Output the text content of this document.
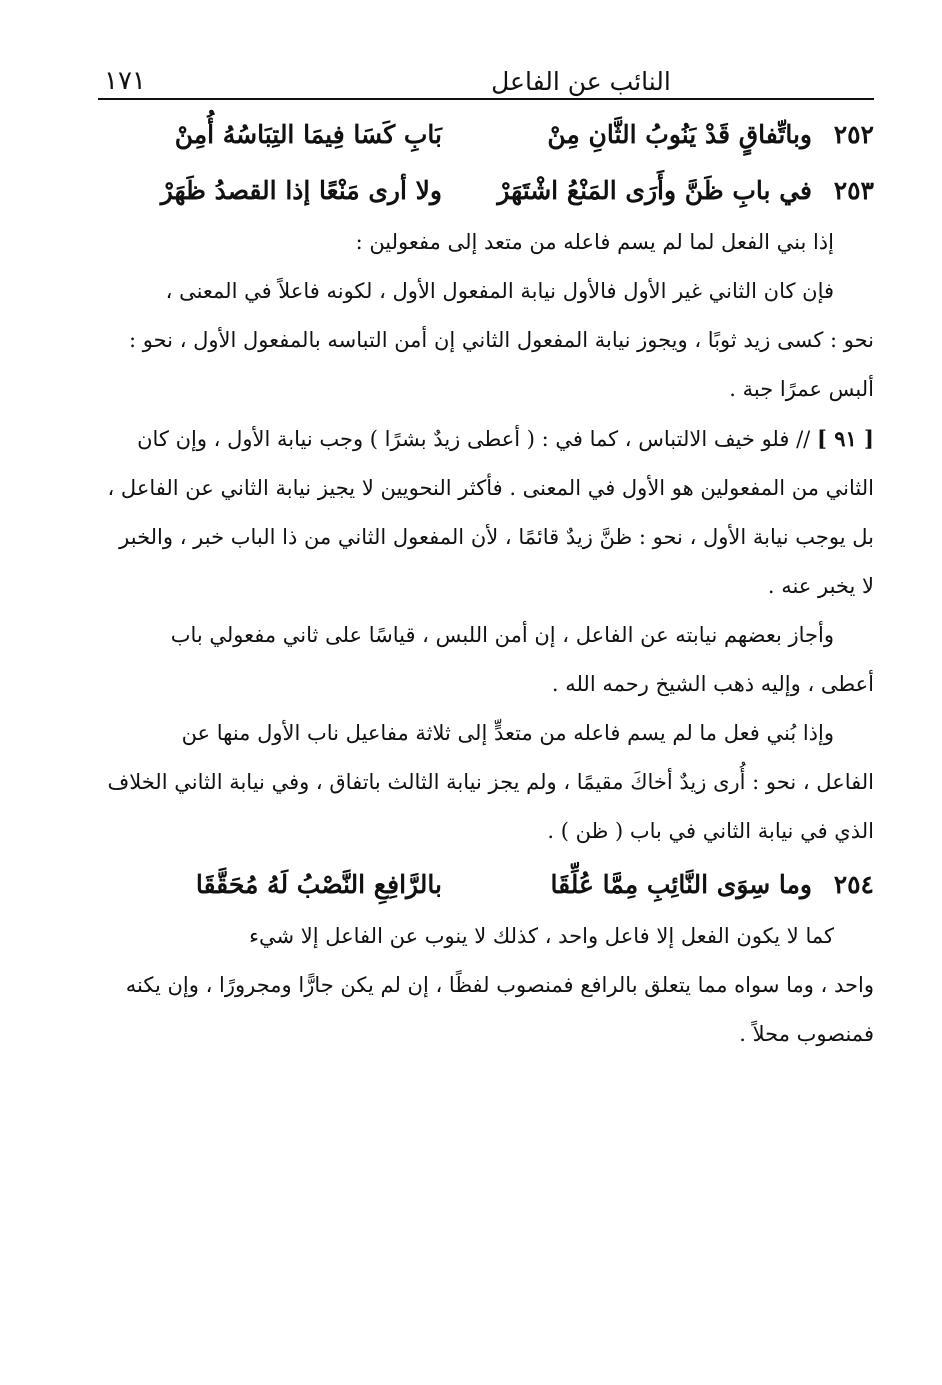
النائب عن الفاعل
١٧١
٢٥٢
وباتِّفاقٍ قَدْ يَنُوبُ الثَّانِ مِنْ
بَابِ كَسَا فِيمَا التِبَاسُهُ أُمِنْ
٢٥٣
في بابِ ظَنَّ وأَرَى المَنْعُ اشْتَهَرْ
ولا أرى مَنْعًا إذا القصدُ ظَهَرْ

إذا بني الفعل لما لم يسم فاعله من متعد إلى مفعولين :

فإن كان الثاني غير الأول فالأول نيابة المفعول الأول ، لكونه فاعلاً في المعنى ،

نحو : كسى زيد ثوبًا ، ويجوز نيابة المفعول الثاني إن أمن التباسه بالمفعول الأول ، نحو :

ألبس عمرًا جبة .

[ ٩١ ] // فلو خيف الالتباس ، كما في : ( أعطى زيدٌ بشرًا ) وجب نيابة الأول ، وإن كان

الثاني من المفعولين هو الأول في المعنى . فأكثر النحويين لا يجيز نيابة الثاني عن الفاعل ،

بل يوجب نيابة الأول ، نحو : ظنَّ زيدٌ قائمًا ، لأن المفعول الثاني من ذا الباب خبر ، والخبر

لا يخبر عنه .

وأجاز بعضهم نيابته عن الفاعل ، إن أمن اللبس ، قياسًا على ثاني مفعولي باب

أعطى ، وإليه ذهب الشيخ رحمه الله .

وإذا بُني فعل ما لم يسم فاعله من متعدٍّ إلى ثلاثة مفاعيل ناب الأول منها عن

الفاعل ، نحو : أُرى زيدٌ أخاكَ مقيمًا ، ولم يجز نيابة الثالث باتفاق ، وفي نيابة الثاني الخلاف

الذي في نيابة الثاني في باب ( ظن ) .

٢٥٤
وما سِوَى النَّائِبِ مِمَّا عُلِّقَا
بالرَّافِعِ النَّصْبُ لَهُ مُحَقَّقَا

كما لا يكون الفعل إلا فاعل واحد ، كذلك لا ينوب عن الفاعل إلا شيء

واحد ، وما سواه مما يتعلق بالرافع فمنصوب لفظًا ، إن لم يكن جارًّا ومجرورًا ، وإن يكنه

فمنصوب محلاً .
